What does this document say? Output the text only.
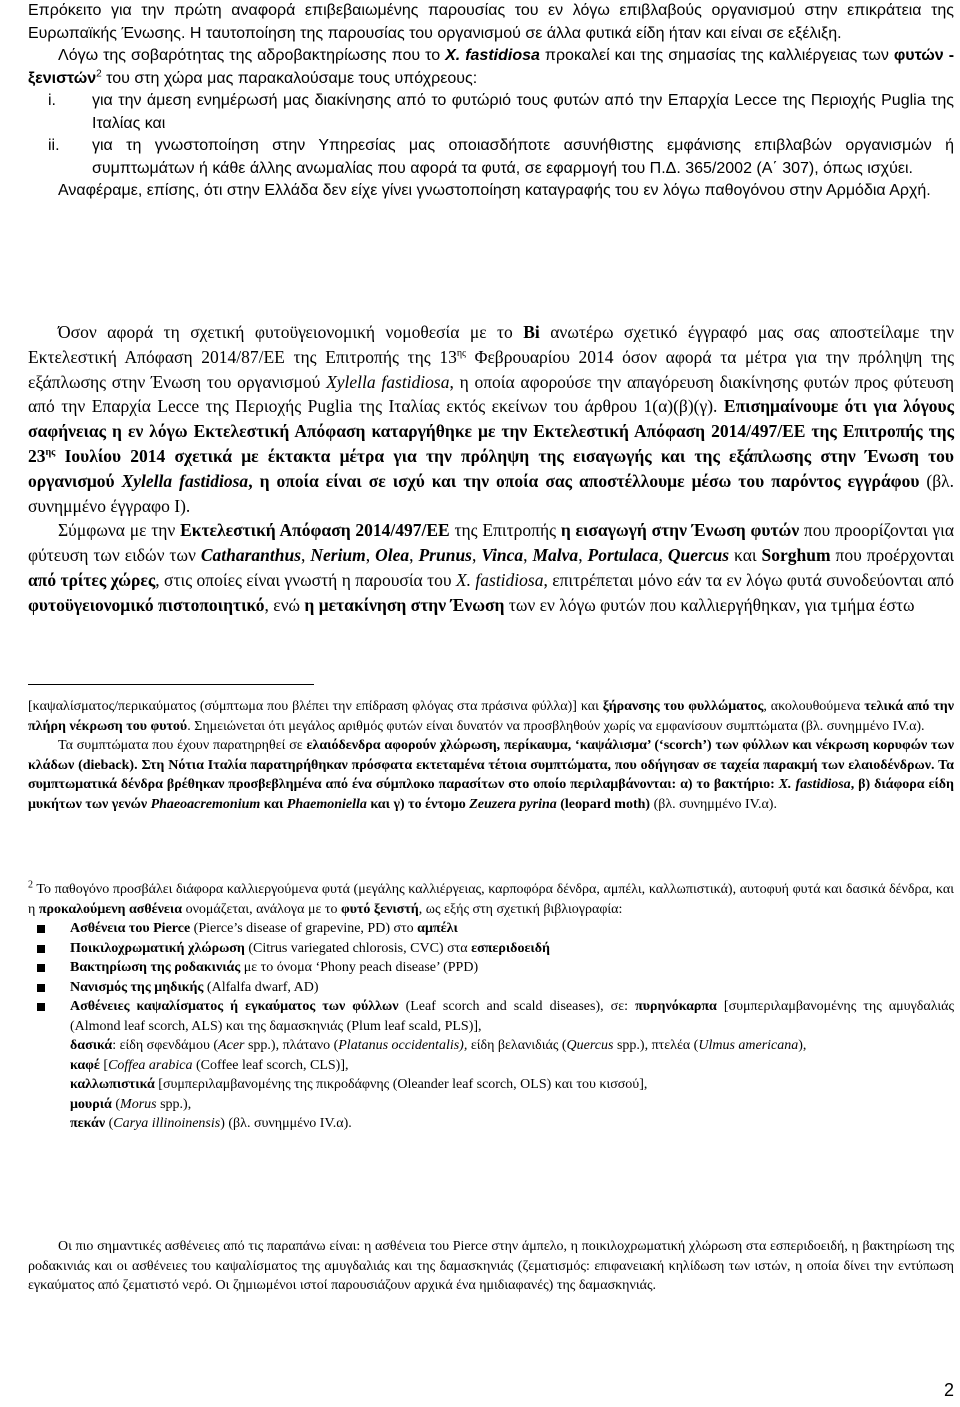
Επρόκειτο για την πρώτη αναφορά επιβεβαιωμένης παρουσίας του εν λόγω επιβλαβούς οργανισμού στην επικράτεια της Ευρωπαϊκής Ένωσης. Η ταυτοποίηση της παρουσίας του οργανισμού σε άλλα φυτικά είδη ήταν και είναι σε εξέλιξη.

Λόγω της σοβαρότητας της αδροβακτηρίωσης που το X. fastidiosa προκαλεί και της σημασίας της καλλιέργειας των φυτών - ξενιστών$^2$ του στη χώρα μας παρακαλούσαμε τους υπόχρεους:

i.	για την άμεση ενημέρωσή μας διακίνησης από το φυτώριό τους φυτών από την Επαρχία Lecce της Περιοχής Puglia της Ιταλίας και
ii.	για τη γνωστοποίηση στην Υπηρεσίας μας οποιασδήποτε ασυνήθιστης εμφάνισης επιβλαβών οργανισμών ή συμπτωμάτων ή κάθε άλλης ανωμαλίας που αφορά τα φυτά, σε εφαρμογή του Π.Δ. 365/2002 (Α΄ 307), όπως ισχύει.

Αναφέραμε, επίσης, ότι στην Ελλάδα δεν είχε γίνει γνωστοποίηση καταγραφής του εν λόγω παθογόνου στην Αρμόδια Αρχή.

Όσον αφορά τη σχετική φυτοϋγειονομική νομοθεσία με το Bi ανωτέρω σχετικό έγγραφό μας σας αποστείλαμε την Εκτελεστική Απόφαση 2014/87/ΕΕ της Επιτροπής της $13^{\eta\varsigma}$ Φεβρουαρίου 2014 όσον αφορά τα μέτρα για την πρόληψη της εξάπλωσης στην Ένωση του οργανισμού Xylella fastidiosa, η οποία αφορούσε την απαγόρευση διακίνησης φυτών προς φύτευση από την Επαρχία Lecce της Περιοχής Puglia της Ιταλίας εκτός εκείνων του άρθρου 1(α)(β)(γ). Επισημαίνουμε ότι για λόγους σαφήνειας η εν λόγω Εκτελεστική Απόφαση καταργήθηκε με την Εκτελεστική Απόφαση 2014/497/ΕΕ της Επιτροπής της $23^{\eta\varsigma}$ Ιουλίου 2014 σχετικά με έκτακτα μέτρα για την πρόληψη της εισαγωγής και της εξάπλωσης στην Ένωση του οργανισμού Xylella fastidiosa, η οποία είναι σε ισχύ και την οποία σας αποστέλλουμε μέσω του παρόντος εγγράφου (βλ. συνημμένο έγγραφο Ι).

Σύμφωνα με την Εκτελεστική Απόφαση 2014/497/ΕΕ της Επιτροπής η εισαγωγή στην Ένωση φυτών που προορίζονται για φύτευση των ειδών των Catharanthus, Nerium, Olea, Prunus, Vinca, Malva, Portulaca, Quercus και Sorghum που προέρχονται από τρίτες χώρες, στις οποίες είναι γνωστή η παρουσία του X. fastidiosa, επιτρέπεται μόνο εάν τα εν λόγω φυτά συνοδεύονται από φυτοϋγειονομικό πιστοποιητικό, ενώ η μετακίνηση στην Ένωση των εν λόγω φυτών που καλλιεργήθηκαν, για τμήμα έστω

[καψαλίσματος/περικαύματος (σύμπτωμα που βλέπει την επίδραση φλόγας στα πράσινα φύλλα)] και ξήρανσης του φυλλώματος, ακολουθούμενα τελικά από την πλήρη νέκρωση του φυτού. Σημειώνεται ότι μεγάλος αριθμός φυτών είναι δυνατόν να προσβληθούν χωρίς να εμφανίσουν συμπτώματα (βλ. συνημμένο IV.α).

Τα συμπτώματα που έχουν παρατηρηθεί σε ελαιόδενδρα αφορούν χλώρωση, περίκαυμα, ‘καψάλισμα’ (‘scorch’) των φύλλων και νέκρωση κορυφών των κλάδων (dieback). Στη Νότια Ιταλία παρατηρήθηκαν πρόσφατα εκτεταμένα τέτοια συμπτώματα, που οδήγησαν σε ταχεία παρακμή των ελαιοδένδρων. Τα συμπτωματικά δένδρα βρέθηκαν προσβεβλημένα από ένα σύμπλοκο παρασίτων στο οποίο περιλαμβάνονται: α) το βακτήριο: X. fastidiosa, β) διάφορα είδη μυκήτων των γενών Phaeoacremonium και Phaemoniella και γ) το έντομο Zeuzera pyrina (leopard moth) (βλ. συνημμένο IV.α).

$^2$ Το παθογόνο προσβάλει διάφορα καλλιεργούμενα φυτά (μεγάλης καλλιέργειας, καρποφόρα δένδρα, αμπέλι, καλλωπιστικά), αυτοφυή φυτά και δασικά δένδρα, και η προκαλούμενη ασθένεια ονομάζεται, ανάλογα με το φυτό ξενιστή, ως εξής στη σχετική βιβλιογραφία:

Ασθένεια του Pierce (Pierce’s disease of grapevine, PD) στο αμπέλι
Ποικιλοχρωματική χλώρωση (Citrus variegated chlorosis, CVC) στα εσπεριδοειδή
Βακτηρίωση της ροδακινιάς με το όνομα ‘Phony peach disease’ (PPD)
Νανισμός της μηδικής (Alfalfa dwarf, AD)
Ασθένειες καψαλίσματος ή εγκαύματος των φύλλων (Leaf scorch and scald diseases), σε: πυρηνόκαρπα [συμπεριλαμβανομένης της αμυγδαλιάς (Almond leaf scorch, ALS) και της δαμασκηνιάς (Plum leaf scald, PLS)],
δασικά: είδη σφενδάμου (Acer spp.), πλάτανο (Platanus occidentalis), είδη βελανιδιάς (Quercus spp.), πτελέα (Ulmus americana),
καφέ [Coffea arabica (Coffee leaf scorch, CLS)],
καλλωπιστικά [συμπεριλαμβανομένης της πικροδάφνης (Oleander leaf scorch, OLS) και του κισσού],
μουριά (Morus spp.),
πεκάν (Carya illinoinensis) (βλ. συνημμένο IV.α).

Οι πιο σημαντικές ασθένειες από τις παραπάνω είναι: η ασθένεια του Pierce στην άμπελο, η ποικιλοχρωματική χλώρωση στα εσπεριδοειδή, η βακτηρίωση της ροδακινιάς και οι ασθένειες του καψαλίσματος της αμυγδαλιάς και της δαμασκηνιάς (ζεματισμός: επιφανειακή κηλίδωση των ιστών, η οποία δίνει την εντύπωση εγκαύματος από ζεματιστό νερό. Οι ζημιωμένοι ιστοί παρουσιάζουν αρχικά ένα ημιδιαφανές) της δαμασκηνιάς.

2
